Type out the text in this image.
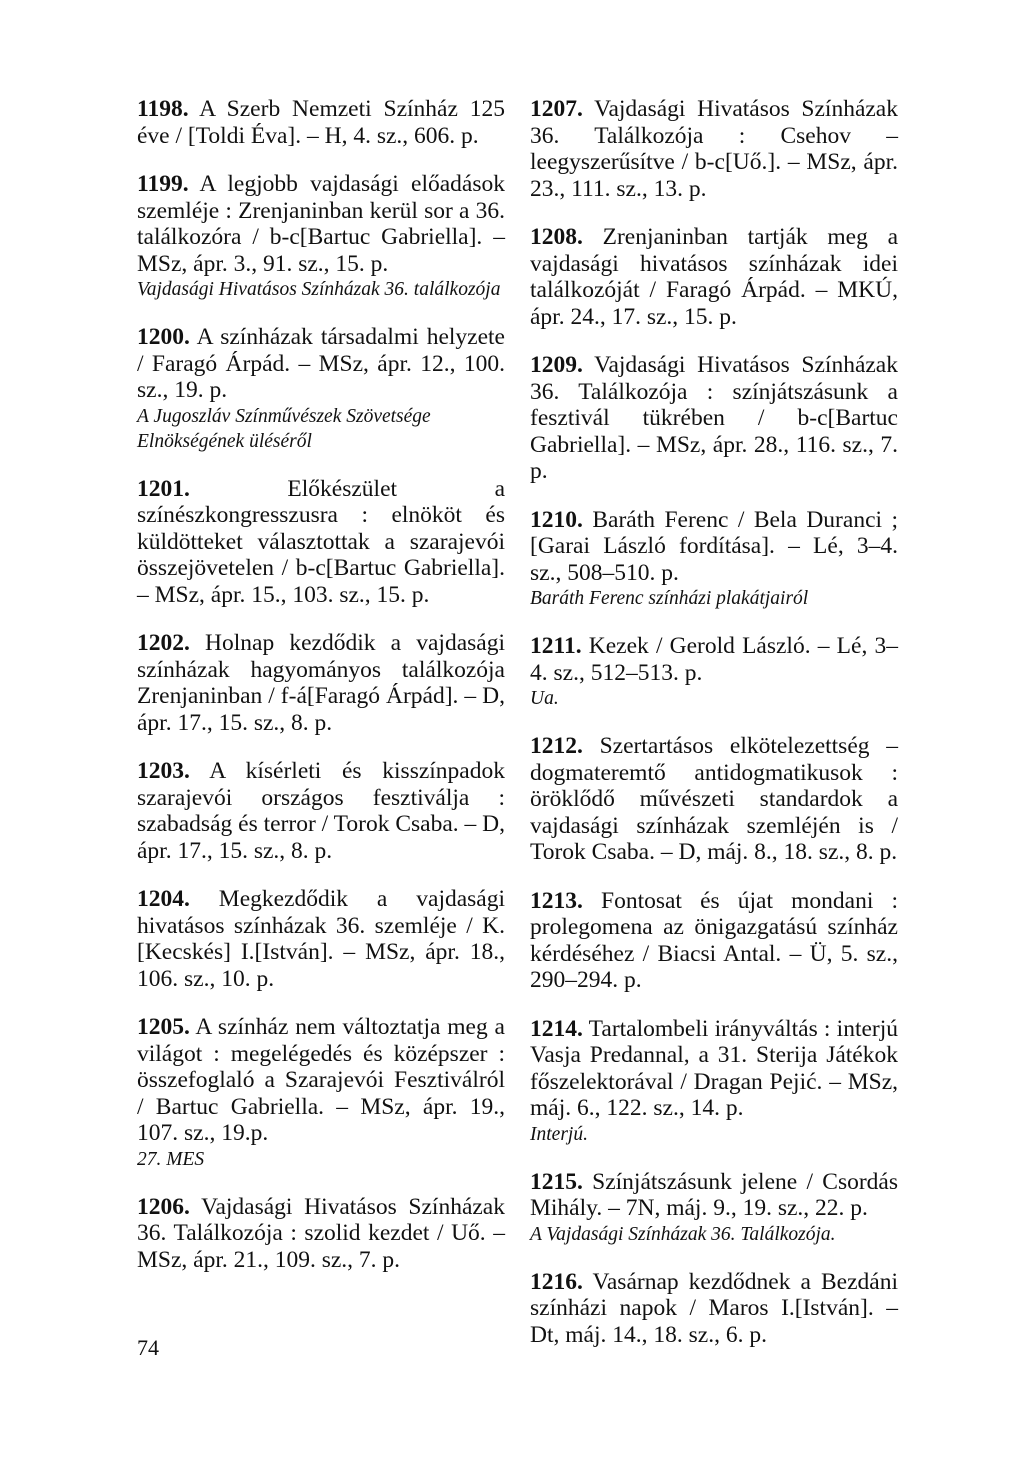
1198. A Szerb Nemzeti Színház 125 éve / [Toldi Éva]. – H, 4. sz., 606. p.
1199. A legjobb vajdasági előadások szemléje : Zrenjaninban kerül sor a 36. találkozóra / b-c[Bartuc Gabriella]. – MSz, ápr. 3., 91. sz., 15. p.
Vajdasági Hivatásos Színházak 36. találkozója
1200. A színházak társadalmi helyzete / Faragó Árpád. – MSz, ápr. 12., 100. sz., 19. p.
A Jugoszláv Színművészek Szövetsége Elnökségének üléséről
1201.	Előkészület a színészkongresszusra : elnököt és küldötteket választottak a szarajevói összejövetelen / b-c[Bartuc Gabriella]. – MSz, ápr. 15., 103. sz., 15. p.
1202. Holnap kezdődik a vajdasági színházak hagyományos találkozója Zrenjaninban / f-á[Faragó Árpád]. – D, ápr. 17., 15. sz., 8. p.
1203. A kísérleti és kisszínpadok szarajevói országos fesztiválja : szabadság és terror / Torok Csaba. – D, ápr. 17., 15. sz., 8. p.
1204. Megkezdődik a vajdasági hivatásos színházak 36. szemléje / K.[Kecskés] I.[István]. – MSz, ápr. 18., 106. sz., 10. p.
1205. A színház nem változtatja meg a világot : megelégedés és középszer : összefoglaló a Szarajevói Fesztiválról / Bartuc Gabriella. – MSz, ápr. 19., 107. sz., 19.p.
27. MES
1206. Vajdasági Hivatásos Színházak 36. Találkozója : szolid kezdet / Uő. – MSz, ápr. 21., 109. sz., 7. p.
1207. Vajdasági Hivatásos Színházak 36. Találkozója : Csehov – leegyszerűsítve / b-c[Uő.]. – MSz, ápr. 23., 111. sz., 13. p.
1208. Zrenjaninban tartják meg a vajdasági hivatásos színházak idei találkozóját / Faragó Árpád. – MKÚ, ápr. 24., 17. sz., 15. p.
1209. Vajdasági Hivatásos Színházak 36. Találkozója : színjátszásunk a fesztivál tükrében / b-c[Bartuc Gabriella]. – MSz, ápr. 28., 116. sz., 7. p.
1210. Baráth Ferenc / Bela Duranci ; [Garai László fordítása]. – Lé, 3–4. sz., 508–510. p.
Baráth Ferenc színházi plakátjairól
1211. Kezek / Gerold László. – Lé, 3–4. sz., 512–513. p.
Ua.
1212. Szertartásos elkötelezettség – dogmateremtő antidogmatikusok : öröklődő művészeti standardok a vajdasági színházak szemléjén is / Torok Csaba. – D, máj. 8., 18. sz., 8. p.
1213. Fontosat és újat mondani : prolegomena az önigazgatású színház kérdéséhez / Biacsi Antal. – Ü, 5. sz., 290–294. p.
1214. Tartalombeli irányváltás : interjú Vasja Predannal, a 31. Sterija Játékok főszelektorával / Dragan Pejić. – MSz, máj. 6., 122. sz., 14. p.
Interjú.
1215. Színjátszásunk jelene / Csordás Mihály. – 7N, máj. 9., 19. sz., 22. p.
A Vajdasági Színházak 36. Találkozója.
1216. Vasárnap kezdődnek a Bezdáni színházi napok / Maros I.[István]. – Dt, máj. 14., 18. sz., 6. p.
74
